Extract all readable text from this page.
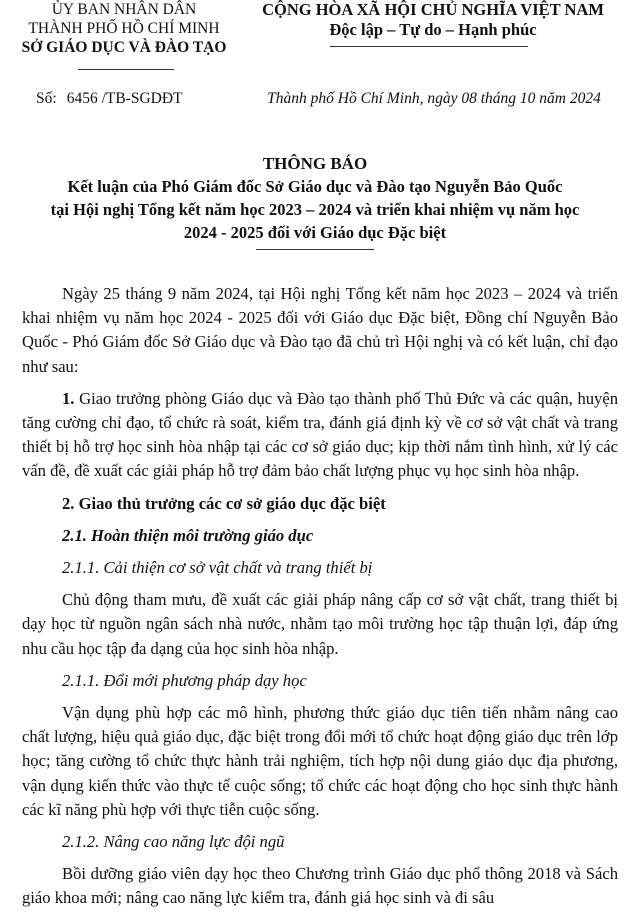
ỦY BAN NHÂN DÂN
THÀNH PHỐ HỒ CHÍ MINH
SỞ GIÁO DỤC VÀ ĐÀO TẠO
CỘNG HÒA XÃ HỘI CHỦ NGHĨA VIỆT NAM
Độc lập – Tự do – Hạnh phúc
Số: 6456 /TB-SGDĐT	Thành phố Hồ Chí Minh, ngày 08 tháng 10 năm 2024
THÔNG BÁO
Kết luận của Phó Giám đốc Sở Giáo dục và Đào tạo Nguyễn Bảo Quốc
tại Hội nghị Tổng kết năm học 2023 – 2024 và triển khai nhiệm vụ năm học
2024 - 2025 đối với Giáo dục Đặc biệt

Ngày 25 tháng 9 năm 2024, tại Hội nghị Tổng kết năm học 2023 – 2024 và triển khai nhiệm vụ năm học 2024 - 2025 đối với Giáo dục Đặc biệt, Đồng chí Nguyễn Bảo Quốc - Phó Giám đốc Sở Giáo dục và Đào tạo đã chủ trì Hội nghị và có kết luận, chỉ đạo như sau:

1. Giao trưởng phòng Giáo dục và Đào tạo thành phố Thủ Đức và các quận, huyện tăng cường chỉ đạo, tổ chức rà soát, kiểm tra, đánh giá định kỳ về cơ sở vật chất và trang thiết bị hỗ trợ học sinh hòa nhập tại các cơ sở giáo dục; kịp thời nắm tình hình, xử lý các vấn đề, đề xuất các giải pháp hỗ trợ đảm bảo chất lượng phục vụ học sinh hòa nhập.

2. Giao thủ trưởng các cơ sở giáo dục đặc biệt

2.1. Hoàn thiện môi trường giáo dục

2.1.1. Cải thiện cơ sở vật chất và trang thiết bị

Chủ động tham mưu, đề xuất các giải pháp nâng cấp cơ sở vật chất, trang thiết bị dạy học từ nguồn ngân sách nhà nước, nhằm tạo môi trường học tập thuận lợi, đáp ứng nhu cầu học tập đa dạng của học sinh hòa nhập.

2.1.1. Đổi mới phương pháp dạy học

Vận dụng phù hợp các mô hình, phương thức giáo dục tiên tiến nhằm nâng cao chất lượng, hiệu quả giáo dục, đặc biệt trong đổi mới tổ chức hoạt động giáo dục trên lớp học; tăng cường tổ chức thực hành trải nghiệm, tích hợp nội dung giáo dục địa phương, vận dụng kiến thức vào thực tế cuộc sống; tổ chức các hoạt động cho học sinh thực hành các kĩ năng phù hợp với thực tiễn cuộc sống.

2.1.2. Nâng cao năng lực đội ngũ

Bồi dưỡng giáo viên dạy học theo Chương trình Giáo dục phổ thông 2018 và Sách giáo khoa mới; nâng cao năng lực kiểm tra, đánh giá học sinh và đi sâu
